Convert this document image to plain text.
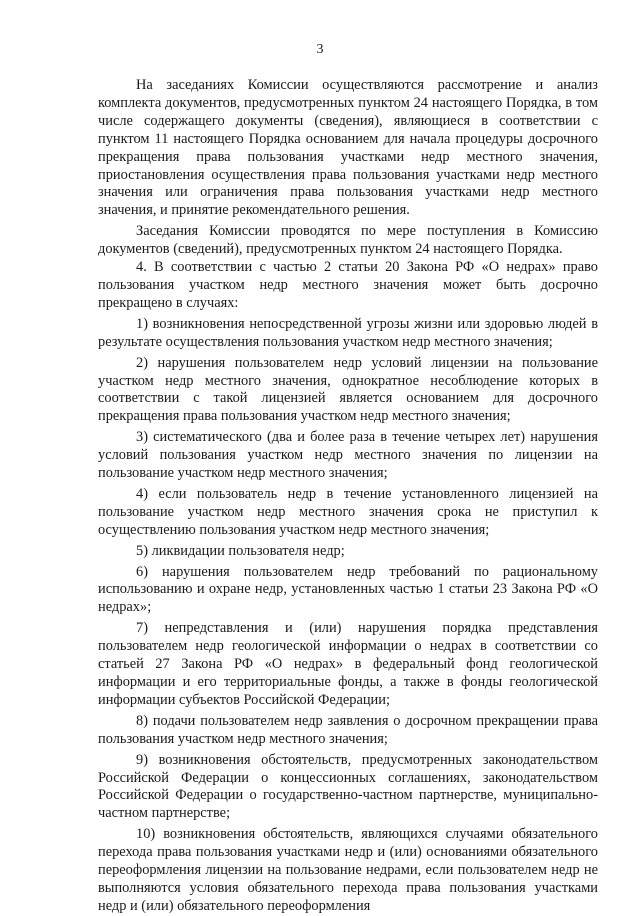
3

На заседаниях Комиссии осуществляются рассмотрение и анализ комплекта документов, предусмотренных пунктом 24 настоящего Порядка, в том числе содержащего документы (сведения), являющиеся в соответствии с пунктом 11 настоящего Порядка основанием для начала процедуры досрочного прекращения права пользования участками недр местного значения, приостановления осуществления права пользования участками недр местного значения или ограничения права пользования участками недр местного значения, и принятие рекомендательного решения.

Заседания Комиссии проводятся по мере поступления в Комиссию документов (сведений), предусмотренных пунктом 24 настоящего Порядка.

4. В соответствии с частью 2 статьи 20 Закона РФ «О недрах» право пользования участком недр местного значения может быть досрочно прекращено в случаях:

1) возникновения непосредственной угрозы жизни или здоровью людей в результате осуществления пользования участком недр местного значения;

2) нарушения пользователем недр условий лицензии на пользование участком недр местного значения, однократное несоблюдение которых в соответствии с такой лицензией является основанием для досрочного прекращения права пользования участком недр местного значения;

3) систематического (два и более раза в течение четырех лет) нарушения условий пользования участком недр местного значения по лицензии на пользование участком недр местного значения;

4) если пользователь недр в течение установленного лицензией на пользование участком недр местного значения срока не приступил к осуществлению пользования участком недр местного значения;

5) ликвидации пользователя недр;

6) нарушения пользователем недр требований по рациональному использованию и охране недр, установленных частью 1 статьи 23 Закона РФ «О недрах»;

7) непредставления и (или) нарушения порядка представления пользователем недр геологической информации о недрах в соответствии со статьей 27 Закона РФ «О недрах» в федеральный фонд геологической информации и его территориальные фонды, а также в фонды геологической информации субъектов Российской Федерации;

8) подачи пользователем недр заявления о досрочном прекращении права пользования участком недр местного значения;

9) возникновения обстоятельств, предусмотренных законодательством Российской Федерации о концессионных соглашениях, законодательством Российской Федерации о государственно-частном партнерстве, муниципально-частном партнерстве;

10) возникновения обстоятельств, являющихся случаями обязательного перехода права пользования участками недр и (или) основаниями обязательного переоформления лицензии на пользование недрами, если пользователем недр не выполняются условия обязательного перехода права пользования участками недр и (или) обязательного переоформления
